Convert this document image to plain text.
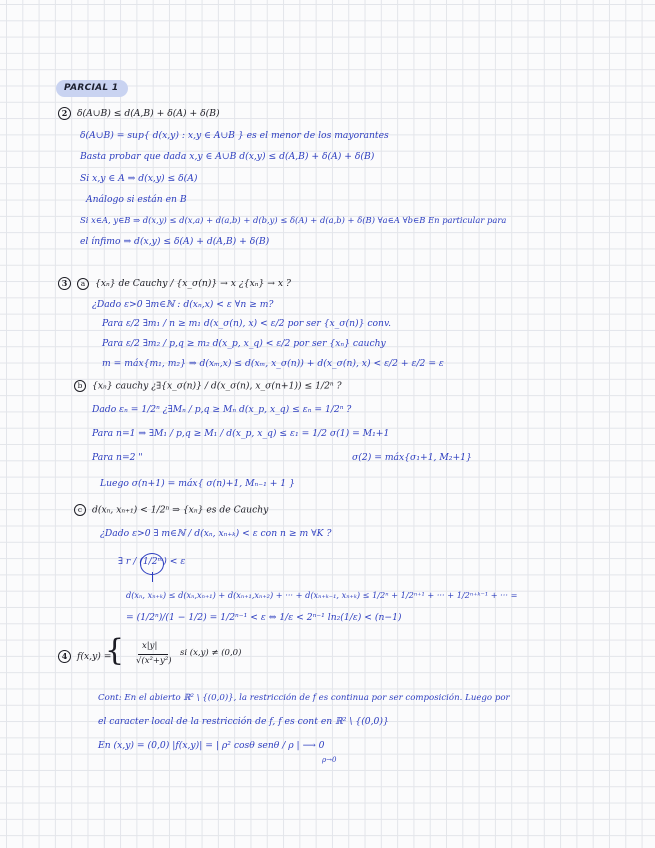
PARCIAL 1
2 δ(A∪B) ≤ d(A,B) + δ(A) + δ(B)
δ(A∪B) = sup{ d(x,y) : x,y ∈ A∪B } es el menor de los mayorantes
Basta probar que dada x,y ∈ A∪B d(x,y) ≤ d(A,B) + δ(A) + δ(B)
Si x,y ∈ A ⇒ d(x,y) ≤ δ(A)
Análogo si están en B
Si x∈A, y∈B ⇒ d(x,y) ≤ d(x,a) + d(a,b) + d(b,y) ≤ δ(A) + d(a,b) + δ(B) ∀a∈A ∀b∈B En particular para
el ínfimo ⇒ d(x,y) ≤ δ(A) + d(A,B) + δ(B)
3 a {xₙ} de Cauchy / {x_σ(n)} → x ¿{xₙ} → x ?
¿Dado ε>0 ∃m∈ℕ : d(xₙ,x) < ε ∀n ≥ m?
Para ε/2 ∃m₁ / n ≥ m₁ d(x_σ(n), x) < ε/2 por ser {x_σ(n)} conv.
Para ε/2 ∃m₂ / p,q ≥ m₂ d(x_p, x_q) < ε/2 por ser {xₙ} cauchy
m = máx{m₁, m₂} ⇒ d(xₘ,x) ≤ d(xₘ, x_σ(n)) + d(x_σ(n), x) < ε/2 + ε/2 = ε
b {xₙ} cauchy ¿∃{x_σ(n)} / d(x_σ(n), x_σ(n+1)) ≤ 1/2ⁿ ?
Dado εₙ = 1/2ⁿ ¿∃Mₙ / p,q ≥ Mₙ d(x_p, x_q) ≤ εₙ = 1/2ⁿ ?
Para n=1 ⇒ ∃M₁ / p,q ≥ M₁ / d(x_p, x_q) ≤ ε₁ = 1/2 σ(1) = M₁+1
Para n=2 "	σ(2) = máx{σ₁+1, M₂+1}
Luego σ(n+1) = máx{ σ(n)+1, Mₙ₋₁ + 1 }
c d(xₙ, xₙ₊₁) < 1/2ⁿ ⇒ {xₙ} es de Cauchy
¿Dado ε>0 ∃ m∈ℕ / d(xₙ, xₙ₊ₖ) < ε con n ≥ m ∀K ?
∃ r / (1/2ᵐ) < ε
d(xₙ, xₙ₊ₖ) ≤ d(xₙ,xₙ₊₁) + d(xₙ₊₁,xₙ₊₂) + ··· + d(xₙ₊ₖ₋₁, xₙ₊ₖ) ≤ 1/2ⁿ + 1/2ⁿ⁺¹ + ··· + 1/2ⁿ⁺ᵏ⁻¹ + ··· =
= (1/2ⁿ)/(1 − 1/2) = 1/2ⁿ⁻¹ < ε ⇔ 1/ε < 2ⁿ⁻¹ ln₂(1/ε) < (n−1)
4 f(x,y) =
{ x|y|
√(x²+y²)
si (x,y) ≠ (0,0)
Cont: En el abierto ℝ² \ {(0,0)}, la restricción de f es continua por ser composición. Luego por
el caracter local de la restricción de f, f es cont en ℝ² \ {(0,0)}
En (x,y) = (0,0) |f(x,y)| = | ρ² cosθ senθ / ρ | ⟶ 0
ρ→0
